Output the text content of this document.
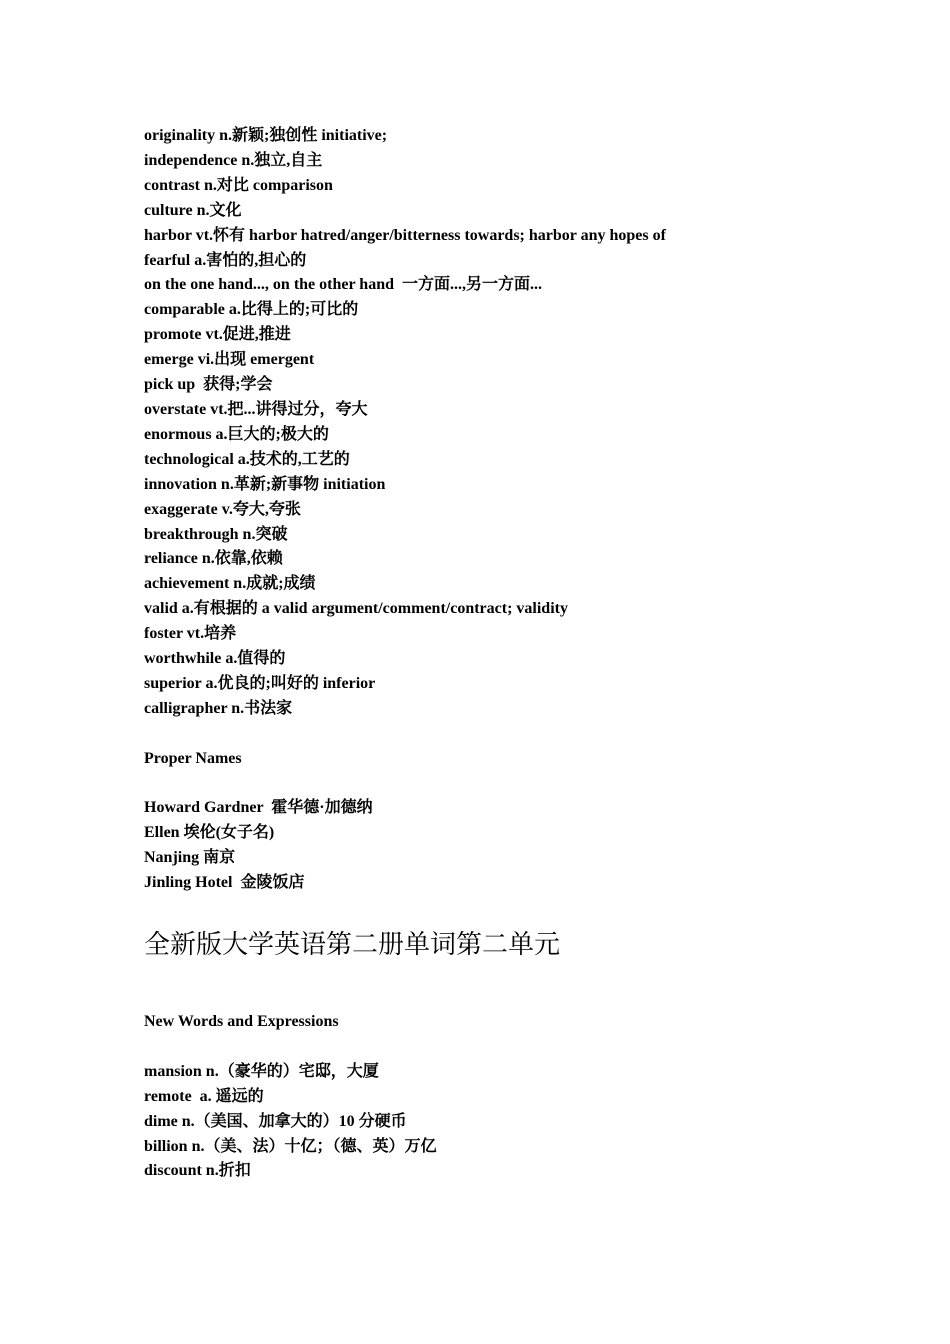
originality n.新颖;独创性 initiative;
independence n.独立,自主
contrast n.对比 comparison
culture n.文化
harbor vt.怀有 harbor hatred/anger/bitterness towards; harbor any hopes of
fearful a.害怕的,担心的
on the one hand..., on the other hand  一方面...,另一方面...
comparable a.比得上的;可比的
promote vt.促进,推进
emerge vi.出现 emergent
pick up  获得;学会
overstate vt.把...讲得过分，夸大
enormous a.巨大的;极大的
technological a.技术的,工艺的
innovation n.革新;新事物 initiation
exaggerate v.夸大,夸张
breakthrough n.突破
reliance n.依靠,依赖
achievement n.成就;成绩
valid a.有根据的 a valid argument/comment/contract; validity
foster vt.培养
worthwhile a.值得的
superior a.优良的;叫好的 inferior
calligrapher n.书法家
Proper Names
Howard Gardner  霍华德·加德纳
Ellen 埃伦(女子名)
Nanjing 南京
Jinling Hotel  金陵饭店
全新版大学英语第二册单词第二单元
New Words and Expressions
mansion n.（豪华的）宅邸，大厦
remote  a. 遥远的
dime n.（美国、加拿大的）10 分硬币
billion n.（美、法）十亿；（德、英）万亿
discount n.折扣
